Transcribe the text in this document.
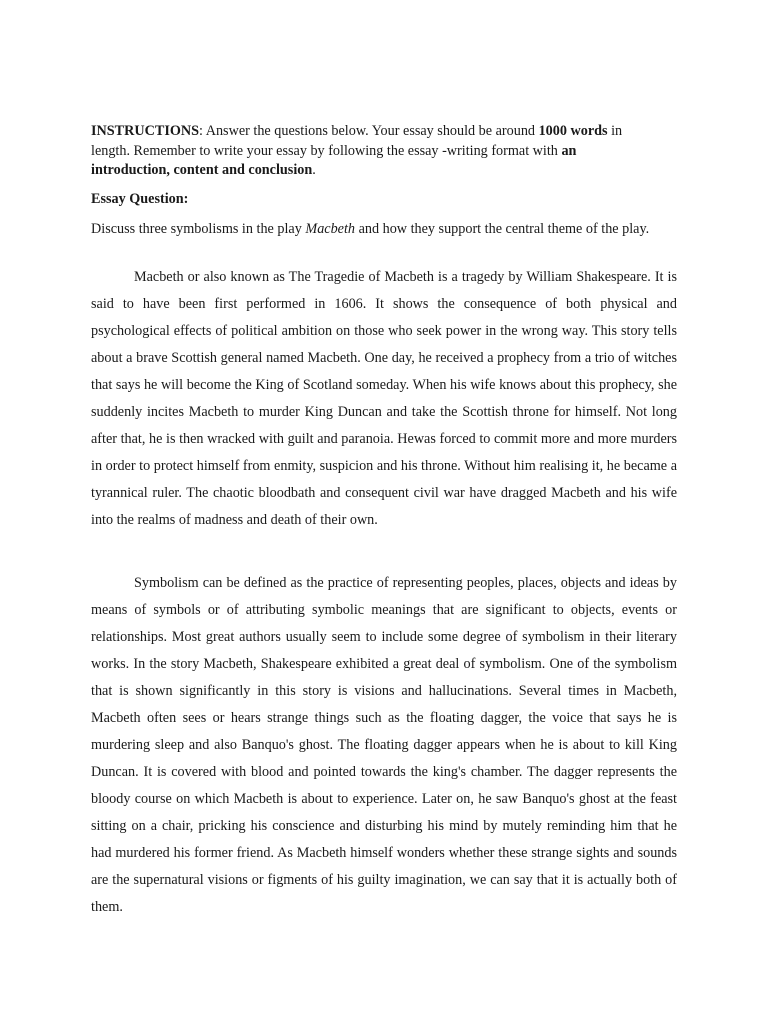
INSTRUCTIONS: Answer the questions below. Your essay should be around 1000 words in length. Remember to write your essay by following the essay -writing format with an introduction, content and conclusion.

Essay Question:

Discuss three symbolisms in the play Macbeth and how they support the central theme of the play.

Macbeth or also known as The Tragedie of Macbeth is a tragedy by William Shakespeare. It is said to have been first performed in 1606. It shows the consequence of both physical and psychological effects of political ambition on those who seek power in the wrong way. This story tells about a brave Scottish general named Macbeth. One day, he received a prophecy from a trio of witches that says he will become the King of Scotland someday. When his wife knows about this prophecy, she suddenly incites Macbeth to murder King Duncan and take the Scottish throne for himself. Not long after that, he is then wracked with guilt and paranoia. Hewas forced to commit more and more murders in order to protect himself from enmity, suspicion and his throne. Without him realising it, he became a tyrannical ruler. The chaotic bloodbath and consequent civil war have dragged Macbeth and his wife into the realms of madness and death of their own.

Symbolism can be defined as the practice of representing peoples, places, objects and ideas by means of symbols or of attributing symbolic meanings that are significant to objects, events or relationships. Most great authors usually seem to include some degree of symbolism in their literary works. In the story Macbeth, Shakespeare exhibited a great deal of symbolism. One of the symbolism that is shown significantly in this story is visions and hallucinations. Several times in Macbeth, Macbeth often sees or hears strange things such as the floating dagger, the voice that says he is murdering sleep and also Banquo's ghost. The floating dagger appears when he is about to kill King Duncan. It is covered with blood and pointed towards the king's chamber. The dagger represents the bloody course on which Macbeth is about to experience. Later on, he saw Banquo's ghost at the feast sitting on a chair, pricking his conscience and disturbing his mind by mutely reminding him that he had murdered his former friend. As Macbeth himself wonders whether these strange sights and sounds are the supernatural visions or figments of his guilty imagination, we can say that it is actually both of them.
